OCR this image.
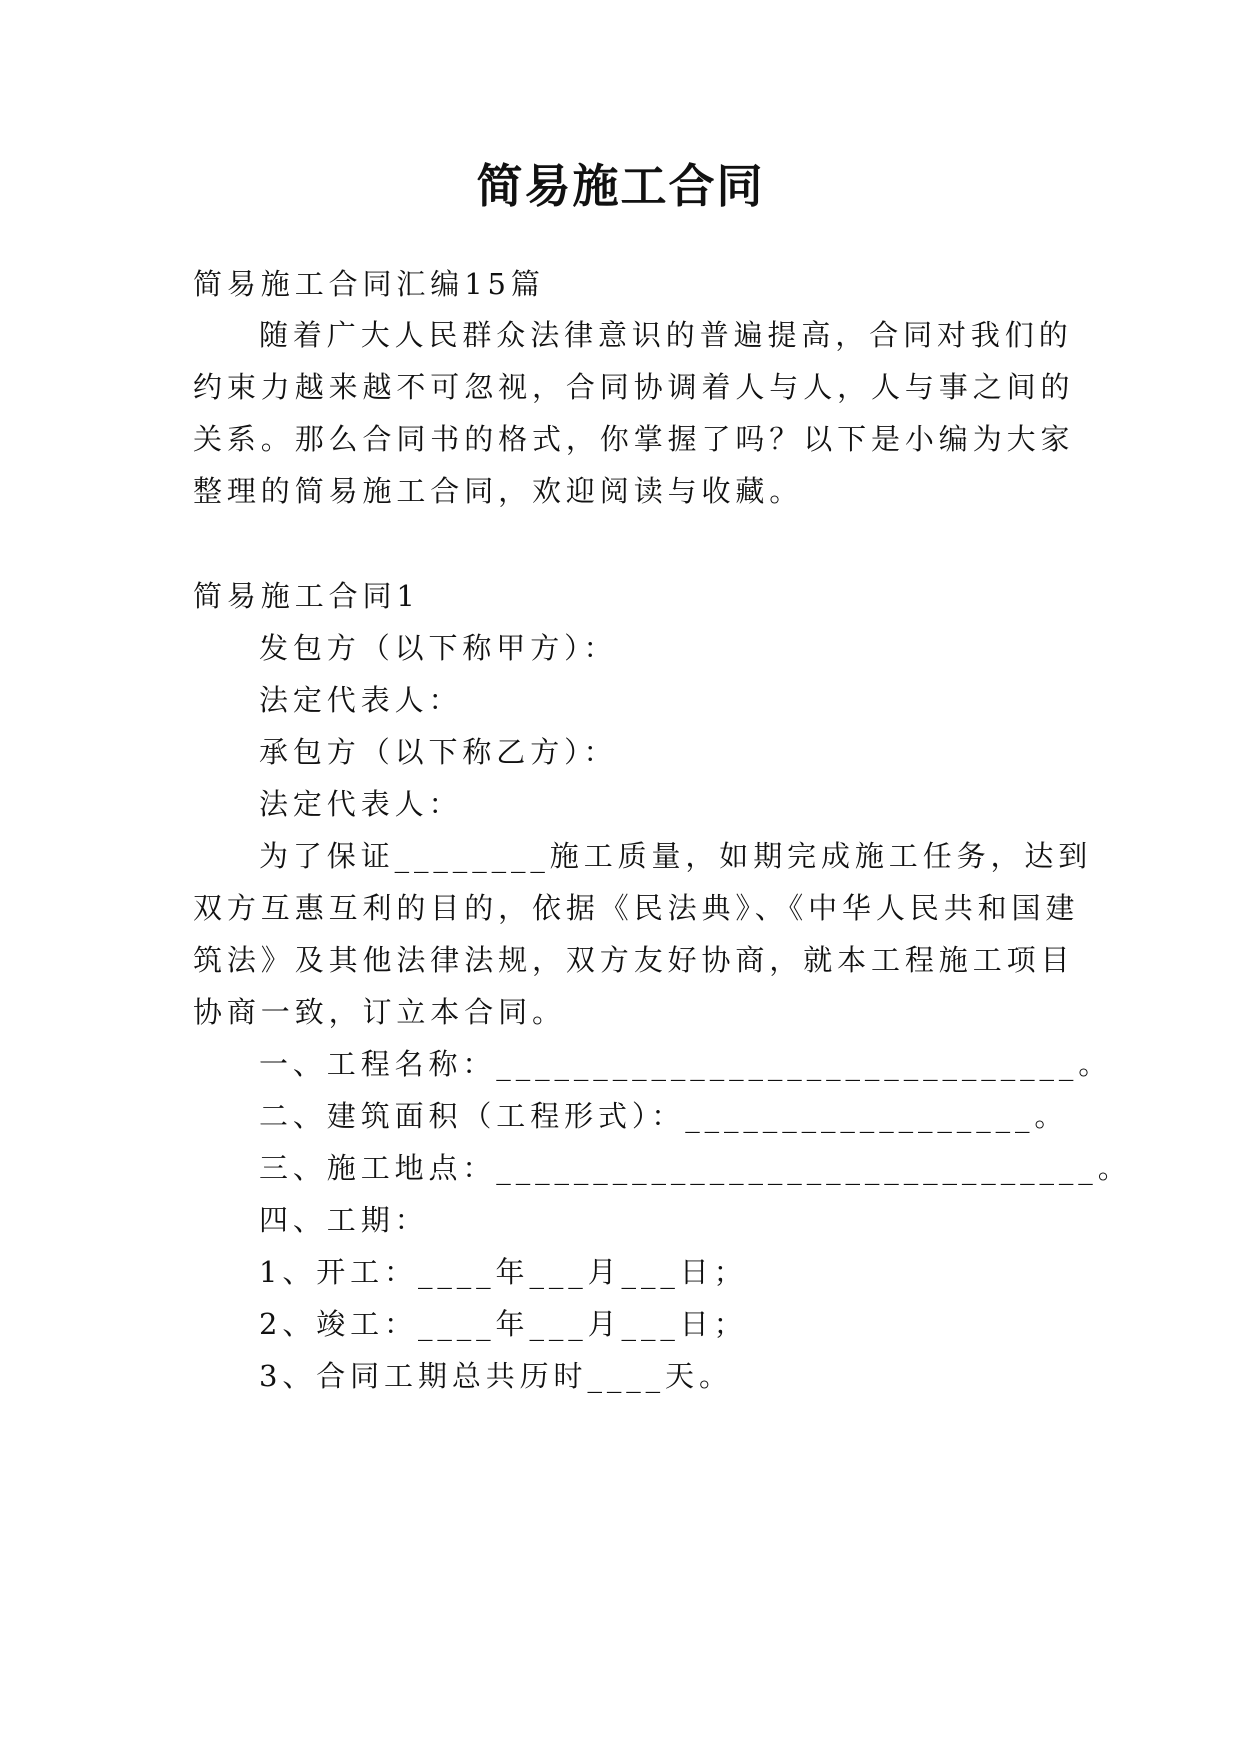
简易施工合同

简易施工合同汇编15篇

随着广大人民群众法律意识的普遍提高，合同对我们的

约束力越来越不可忽视，合同协调着人与人，人与事之间的

关系。那么合同书的格式，你掌握了吗？以下是小编为大家

整理的简易施工合同，欢迎阅读与收藏。

简易施工合同1

发包方（以下称甲方）：

法定代表人：

承包方（以下称乙方）：

法定代表人：

为了保证________施工质量，如期完成施工任务，达到

双方互惠互利的目的，依据《民法典》、《中华人民共和国建

筑法》及其他法律法规，双方友好协商，就本工程施工项目

协商一致，订立本合同。

一、工程名称：______________________________。

二、建筑面积（工程形式）：__________________。

三、施工地点：_______________________________。

四、工期：

1、开工：____年___月___日；

2、竣工：____年___月___日；

3、合同工期总共历时____天。
